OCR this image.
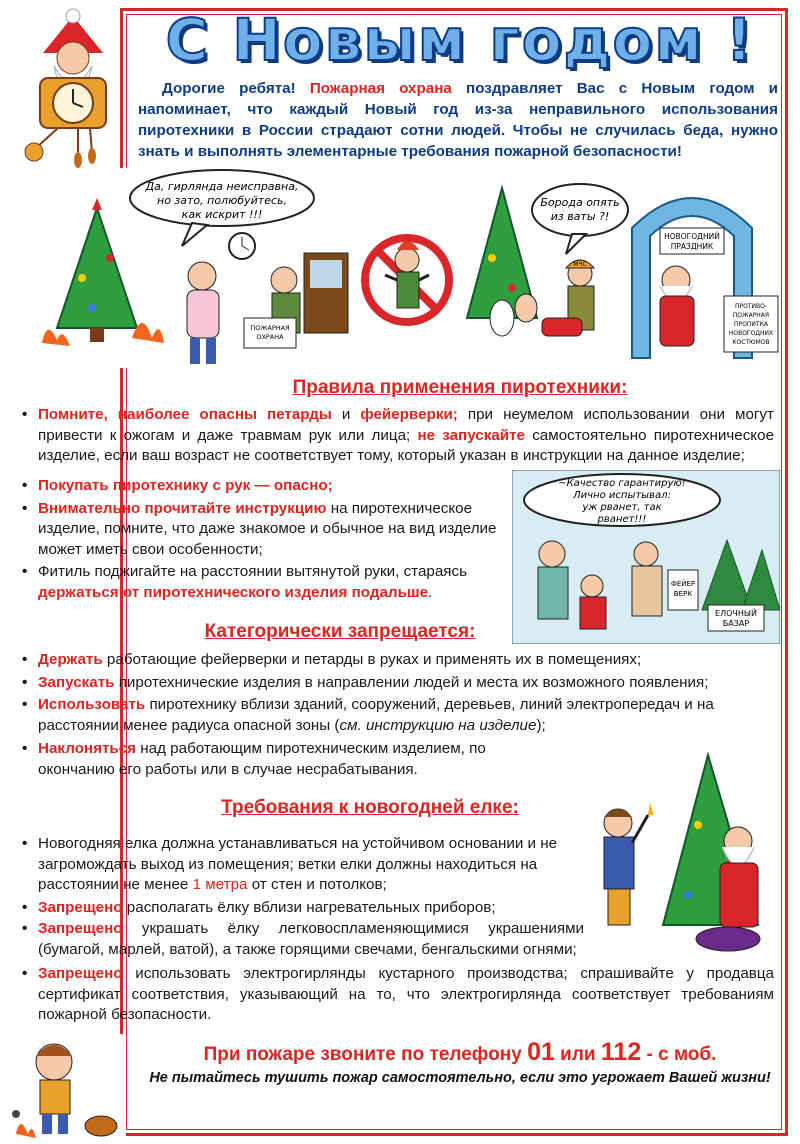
С Новым годом !
Дорогие ребята! Пожарная охрана поздравляет Вас с Новым годом и напоминает, что каждый Новый год из-за неправильного использования пиротехники в России страдают сотни людей. Чтобы не случилась беда, нужно знать и выполнять элементарные требования пожарной безопасности!
Да, гирлянда неисправна,
но зато, полюбуйтесь,
как искрит !!!
ПОЖАРНАЯ
ОХРАНА
Борода опять
из ваты ?!
НОВОГОДНИЙ
ПРАЗДНИК
МЧС
ПРОТИВО-
ПОЖАРНАЯ
ПРОПИТКА
НОВОГОДНИХ
КОСТЮМОВ
Правила применения пиротехники:
• Помните, наиболее опасны петарды и фейерверки; при неумелом использовании они могут привести к ожогам и даже травмам рук или лица; не запускайте самостоятельно пиротехническое изделие, если ваш возраст не соответствует тому, который указан в инструкции на данное изделие;
• Покупать пиротехнику с рук — опасно;
• Внимательно прочитайте инструкцию на пиротехническое изделие, помните, что даже знакомое и обычное на вид изделие может иметь свои особенности;
• Фитиль поджигайте на расстоянии вытянутой руки, стараясь держаться от пиротехнического изделия подальше.
~Качество гарантирую!
Лично испытывал:
уж рванет, так
рванет!!!
ФЕЙЕР
ВЕРК
ЕЛОЧНЫЙ
БАЗАР
Категорически запрещается:
• Держать работающие фейерверки и петарды в руках и применять их в помещениях;
• Запускать пиротехнические изделия в направлении людей и места их возможного появления;
• Использовать пиротехнику вблизи зданий, сооружений, деревьев, линий электропередач и на расстоянии менее радиуса опасной зоны (см. инструкцию на изделие);
• Наклоняться над работающим пиротехническим изделием, по окончанию его работы или в случае несрабатывания.
Требования к новогодней елке:
• Новогодняя елка должна устанавливаться на устойчивом основании и не загромождать выход из помещения; ветки елки должны находиться на расстоянии не менее 1 метра от стен и потолков;
• Запрещено располагать ёлку вблизи нагревательных приборов;
• Запрещено украшать ёлку легковоспламеняющимися украшениями (бумагой, марлей, ватой), а также горящими свечами, бенгальскими огнями;
• Запрещено использовать электрогирлянды кустарного производства; спрашивайте у продавца сертификат соответствия, указывающий на то, что электрогирлянда соответствует требованиям пожарной безопасности.
При пожаре звоните по телефону 01 или 112 - с моб.
Не пытайтесь тушить пожар самостоятельно, если это угрожает Вашей жизни!
